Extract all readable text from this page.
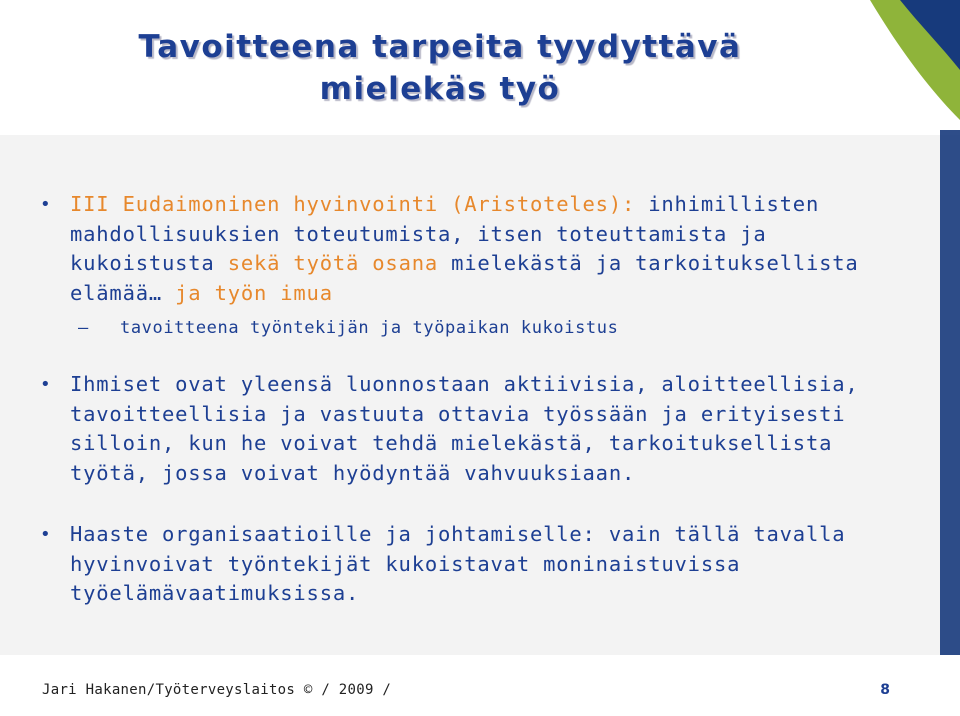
Tavoitteena tarpeita tyydyttävä
mielekäs työ
• III Eudaimoninen hyvinvointi (Aristoteles): inhimillisten mahdollisuuksien toteutumista, itsen toteuttamista ja kukoistusta sekä työtä osana mielekästä ja tarkoituksellista elämää… ja työn imua
— tavoitteena työntekijän ja työpaikan kukoistus
• Ihmiset ovat yleensä luonnostaan aktiivisia, aloitteellisia, tavoitteellisia ja vastuuta ottavia työssään ja erityisesti silloin, kun he voivat tehdä mielekästä, tarkoituksellista työtä, jossa voivat hyödyntää vahvuuksiaan.
• Haaste organisaatioille ja johtamiselle: vain tällä tavalla hyvinvoivat työntekijät kukoistavat moninaistuvissa työelämävaatimuksissa.
Jari Hakanen/Työterveyslaitos © / 2009 /	8
